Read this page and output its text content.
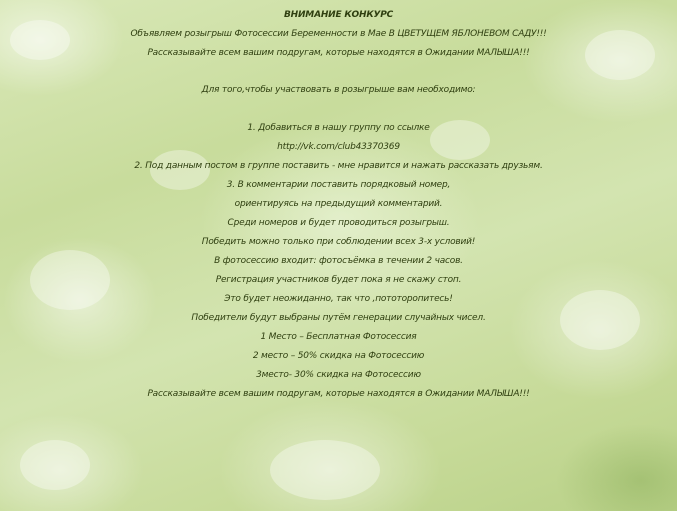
ВНИМАНИЕ КОНКУРС
Объявляем розыгрыш Фотосессии Беременности в Мае В ЦВЕТУЩЕМ ЯБЛОНЕВОМ САДУ!!!
Рассказывайте всем вашим подругам, которые находятся в Ожидании МАЛЫША!!!
Для того,чтобы участвовать в розыгрыше вам необходимо:
1. Добавиться в нашу группу по ссылке
http://vk.com/club43370369
2. Под данным постом в группе поставить - мне нравится и нажать рассказать друзьям.
3. В комментарии поставить порядковый номер,
ориентируясь на предыдущий комментарий.
Среди номеров и будет проводиться розыгрыш.
Победить можно только при соблюдении всех 3-х условий!
В фотосессию входит: фотосъёмка в течении 2 часов.
Регистрация участников будет пока я не скажу стоп.
Это будет неожиданно, так что ,пототоропитесь!
Победители будут выбраны путём генерации случайных чисел.
1 Место – Бесплатная Фотосессия
2 место – 50% скидка на Фотосессию
3место- 30% скидка на Фотосессию
Рассказывайте всем вашим подругам, которые находятся в Ожидании МАЛЫША!!!
